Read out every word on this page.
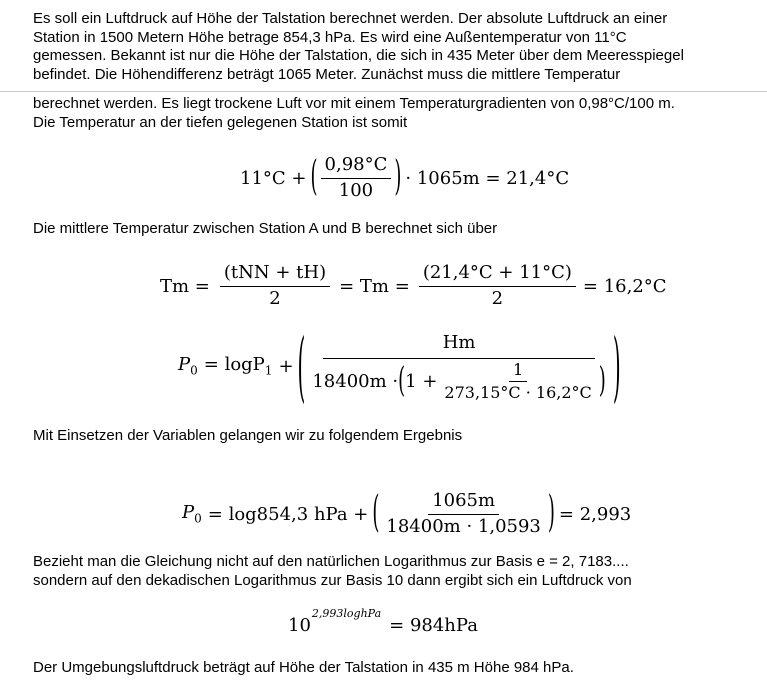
Es soll ein Luftdruck auf Höhe der Talstation berechnet werden. Der absolute Luftdruck an einer
Station in 1500 Metern Höhe betrage 854,3 hPa. Es wird eine Außentemperatur von 11°C
gemessen. Bekannt ist nur die Höhe der Talstation, die sich in 435 Meter über dem Meeresspiegel
befindet. Die Höhendifferenz beträgt 1065 Meter. Zunächst muss die mittlere Temperatur
berechnet werden. Es liegt trockene Luft vor mit einem Temperaturgradienten von 0,98°C/100 m.
Die Temperatur an der tiefen gelegenen Station ist somit
11°C + ( $\frac{0,98^\circ C}{100}$ ) · 1065m = 21,4°C
Die mittlere Temperatur zwischen Station A und B berechnet sich über
$Tm = \frac{\text{(tNN + tH)}}{2} = Tm = \frac{(21,4^\circ C + 11^\circ C)}{2} = 16,2^\circ C$
$P_0 = \log P_1$ + (	Hm
18400m · ( $1 + \frac{1}{273,15^\circ C \cdot 16,2^\circ C}$ ) )
Mit Einsetzen der Variablen gelangen wir zu folgendem Ergebnis
$P_0 = \log 854,3$ hPa + ( $\frac{1065m}{18400m \cdot 1,0593}$ ) = 2,993
Bezieht man die Gleichung nicht auf den natürlichen Logarithmus zur Basis e = 2, 7183....
sondern auf den dekadischen Logarithmus zur Basis 10 dann ergibt sich ein Luftdruck von
10
2,993loghPa
= 984hPa
Der Umgebungsluftdruck beträgt auf Höhe der Talstation in 435 m Höhe 984 hPa.
